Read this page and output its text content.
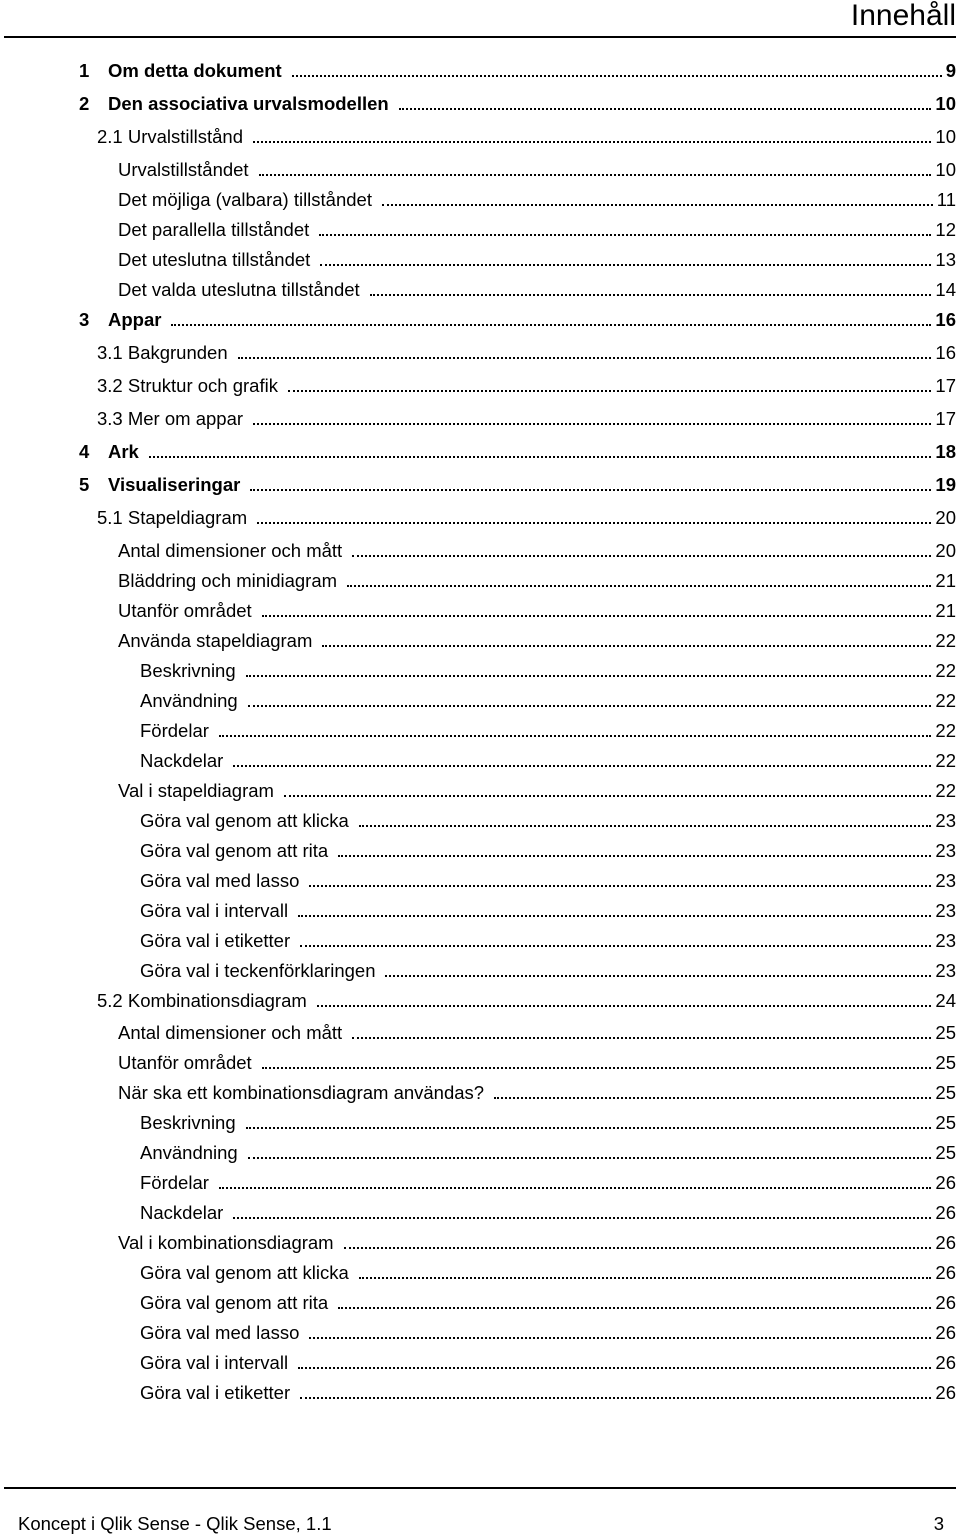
Innehåll
1	Om detta dokument	9
2	Den associativa urvalsmodellen	10
2.1 Urvalstillstånd	10
Urvalstillståndet	10
Det möjliga (valbara) tillståndet	11
Det parallella tillståndet	12
Det uteslutna tillståndet	13
Det valda uteslutna tillståndet	14
3	Appar	16
3.1 Bakgrunden	16
3.2 Struktur och grafik	17
3.3 Mer om appar	17
4	Ark	18
5	Visualiseringar	19
5.1 Stapeldiagram	20
Antal dimensioner och mått	20
Bläddring och minidiagram	21
Utanför området	21
Använda stapeldiagram	22
Beskrivning	22
Användning	22
Fördelar	22
Nackdelar	22
Val i stapeldiagram	22
Göra val genom att klicka	23
Göra val genom att rita	23
Göra val med lasso	23
Göra val i intervall	23
Göra val i etiketter	23
Göra val i teckenförklaringen	23
5.2 Kombinationsdiagram	24
Antal dimensioner och mått	25
Utanför området	25
När ska ett kombinationsdiagram användas?	25
Beskrivning	25
Användning	25
Fördelar	26
Nackdelar	26
Val i kombinationsdiagram	26
Göra val genom att klicka	26
Göra val genom att rita	26
Göra val med lasso	26
Göra val i intervall	26
Göra val i etiketter	26
Koncept i Qlik Sense - Qlik Sense, 1.1	3
